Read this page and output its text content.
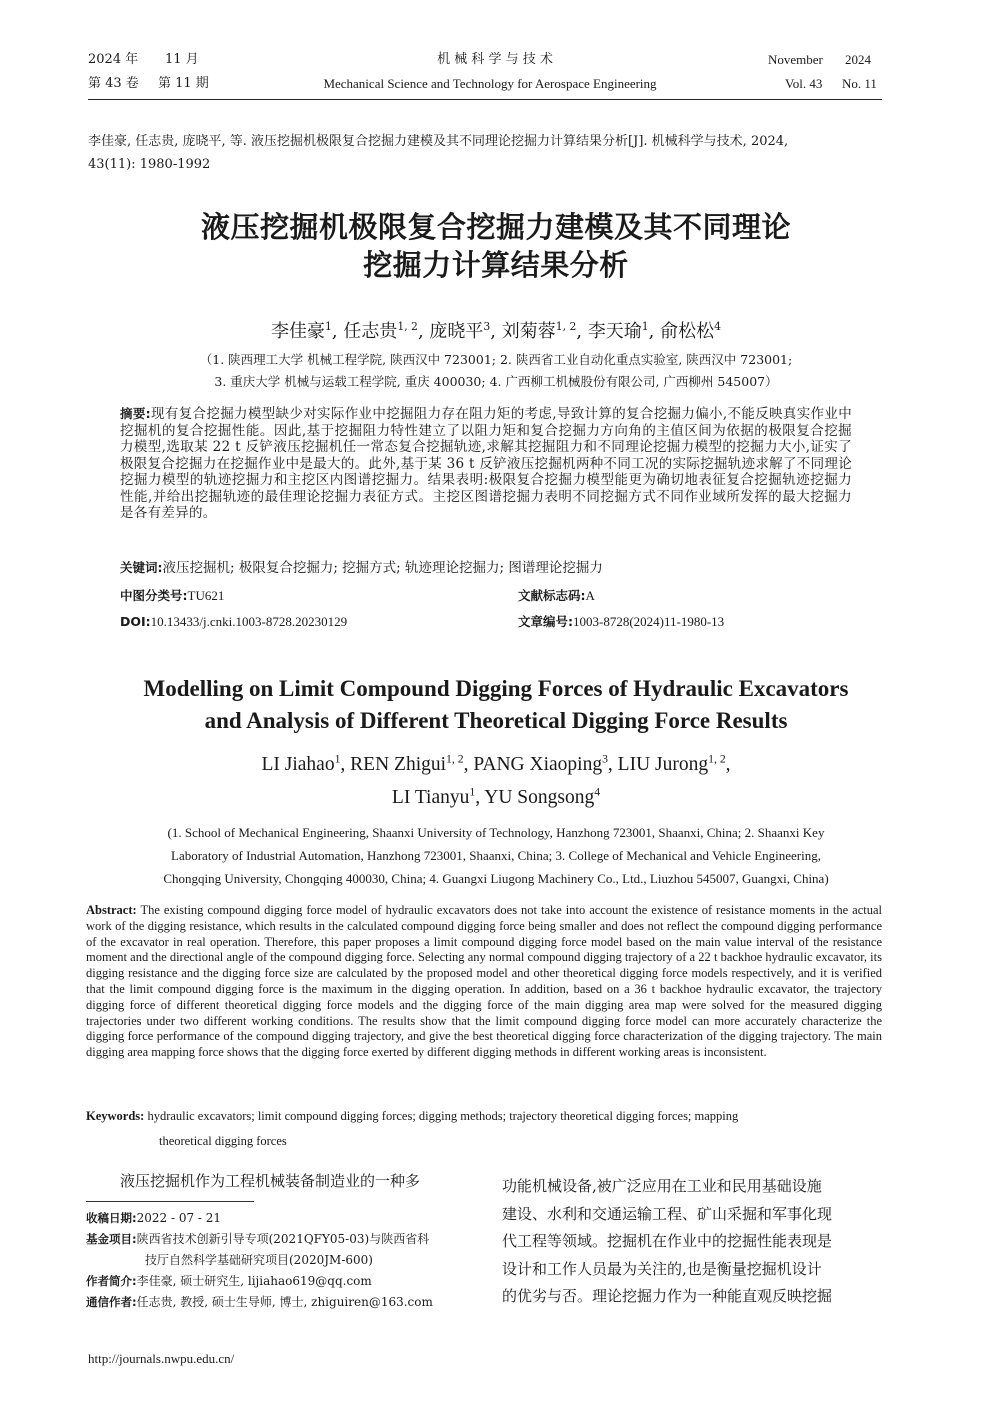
2024 年 11 月
第 43 卷 第 11 期
机 械 科 学 与 技 术
Mechanical Science and Technology for Aerospace Engineering
November 2024
Vol. 43 No. 11
李佳豪, 任志贵, 庞晓平, 等. 液压挖掘机极限复合挖掘力建模及其不同理论挖掘力计算结果分析[J]. 机械科学与技术, 2024,
43(11): 1980-1992
液压挖掘机极限复合挖掘力建模及其不同理论
挖掘力计算结果分析
李佳豪$^1$, 任志贵$^{1, 2}$, 庞晓平$^3$, 刘菊蓉$^{1, 2}$, 李天瑜$^1$, 俞松松$^4$
（1. 陕西理工大学 机械工程学院, 陕西汉中 723001; 2. 陕西省工业自动化重点实验室, 陕西汉中 723001;
3. 重庆大学 机械与运载工程学院, 重庆 400030; 4. 广西柳工机械股份有限公司, 广西柳州 545007）
摘要:现有复合挖掘力模型缺少对实际作业中挖掘阻力存在阻力矩的考虑,导致计算的复合挖掘力偏小,不能反映真实作业中挖掘机的复合挖掘性能。因此,基于挖掘阻力特性建立了以阻力矩和复合挖掘力方向角的主值区间为依据的极限复合挖掘力模型,选取某 22 t 反铲液压挖掘机任一常态复合挖掘轨迹,求解其挖掘阻力和不同理论挖掘力模型的挖掘力大小,证实了极限复合挖掘力在挖掘作业中是最大的。此外,基于某 36 t 反铲液压挖掘机两种不同工况的实际挖掘轨迹求解了不同理论挖掘力模型的轨迹挖掘力和主挖区内图谱挖掘力。结果表明:极限复合挖掘力模型能更为确切地表征复合挖掘轨迹挖掘力性能,并给出挖掘轨迹的最佳理论挖掘力表征方式。主挖区图谱挖掘力表明不同挖掘方式不同作业域所发挥的最大挖掘力是各有差异的。
关键词:液压挖掘机; 极限复合挖掘力; 挖掘方式; 轨迹理论挖掘力; 图谱理论挖掘力
中图分类号:TU621	文献标志码:A
DOI:10.13433/j.cnki.1003-8728.20230129	文章编号:1003-8728(2024)11-1980-13
Modelling on Limit Compound Digging Forces of Hydraulic Excavators
and Analysis of Different Theoretical Digging Force Results
LI Jiahao$^1$, REN Zhigui$^{1, 2}$, PANG Xiaoping$^3$, LIU Jurong$^{1, 2}$,
LI Tianyu$^1$, YU Songsong$^4$
(1. School of Mechanical Engineering, Shaanxi University of Technology, Hanzhong 723001, Shaanxi, China; 2. Shaanxi Key
Laboratory of Industrial Automation, Hanzhong 723001, Shaanxi, China; 3. College of Mechanical and Vehicle Engineering,
Chongqing University, Chongqing 400030, China; 4. Guangxi Liugong Machinery Co., Ltd., Liuzhou 545007, Guangxi, China)
Abstract: The existing compound digging force model of hydraulic excavators does not take into account the existence of resistance moments in the actual work of the digging resistance, which results in the calculated compound digging force being smaller and does not reflect the compound digging performance of the excavator in real operation. Therefore, this paper proposes a limit compound digging force model based on the main value interval of the resistance moment and the directional angle of the compound digging force. Selecting any normal compound digging trajectory of a 22 t backhoe hydraulic excavator, its digging resistance and the digging force size are calculated by the proposed model and other theoretical digging force models respectively, and it is verified that the limit compound digging force is the maximum in the digging operation. In addition, based on a 36 t backhoe hydraulic excavator, the trajectory digging force of different theoretical digging force models and the digging force of the main digging area map were solved for the measured digging trajectories under two different working conditions. The results show that the limit compound digging force model can more accurately characterize the digging force performance of the compound digging trajectory, and give the best theoretical digging force characterization of the digging trajectory. The main digging area mapping force shows that the digging force exerted by different digging methods in different working areas is inconsistent.
Keywords: hydraulic excavators; limit compound digging forces; digging methods; trajectory theoretical digging forces; mapping
theoretical digging forces
液压挖掘机作为工程机械装备制造业的一种多	功能机械设备,被广泛应用在工业和民用基础设施
建设、水利和交通运输工程、矿山采掘和军事化现
代工程等领域。挖掘机在作业中的挖掘性能表现是
设计和工作人员最为关注的,也是衡量挖掘机设计
的优劣与否。理论挖掘力作为一种能直观反映挖掘
收稿日期:2022 - 07 - 21
基金项目:陕西省技术创新引导专项(2021QFY05-03)与陕西省科
技厅自然科学基础研究项目(2020JM-600)
作者简介:李佳豪, 硕士研究生, lijiahao619@qq.com
通信作者:任志贵, 教授, 硕士生导师, 博士, zhiguiren@163.com
http://journals.nwpu.edu.cn/
